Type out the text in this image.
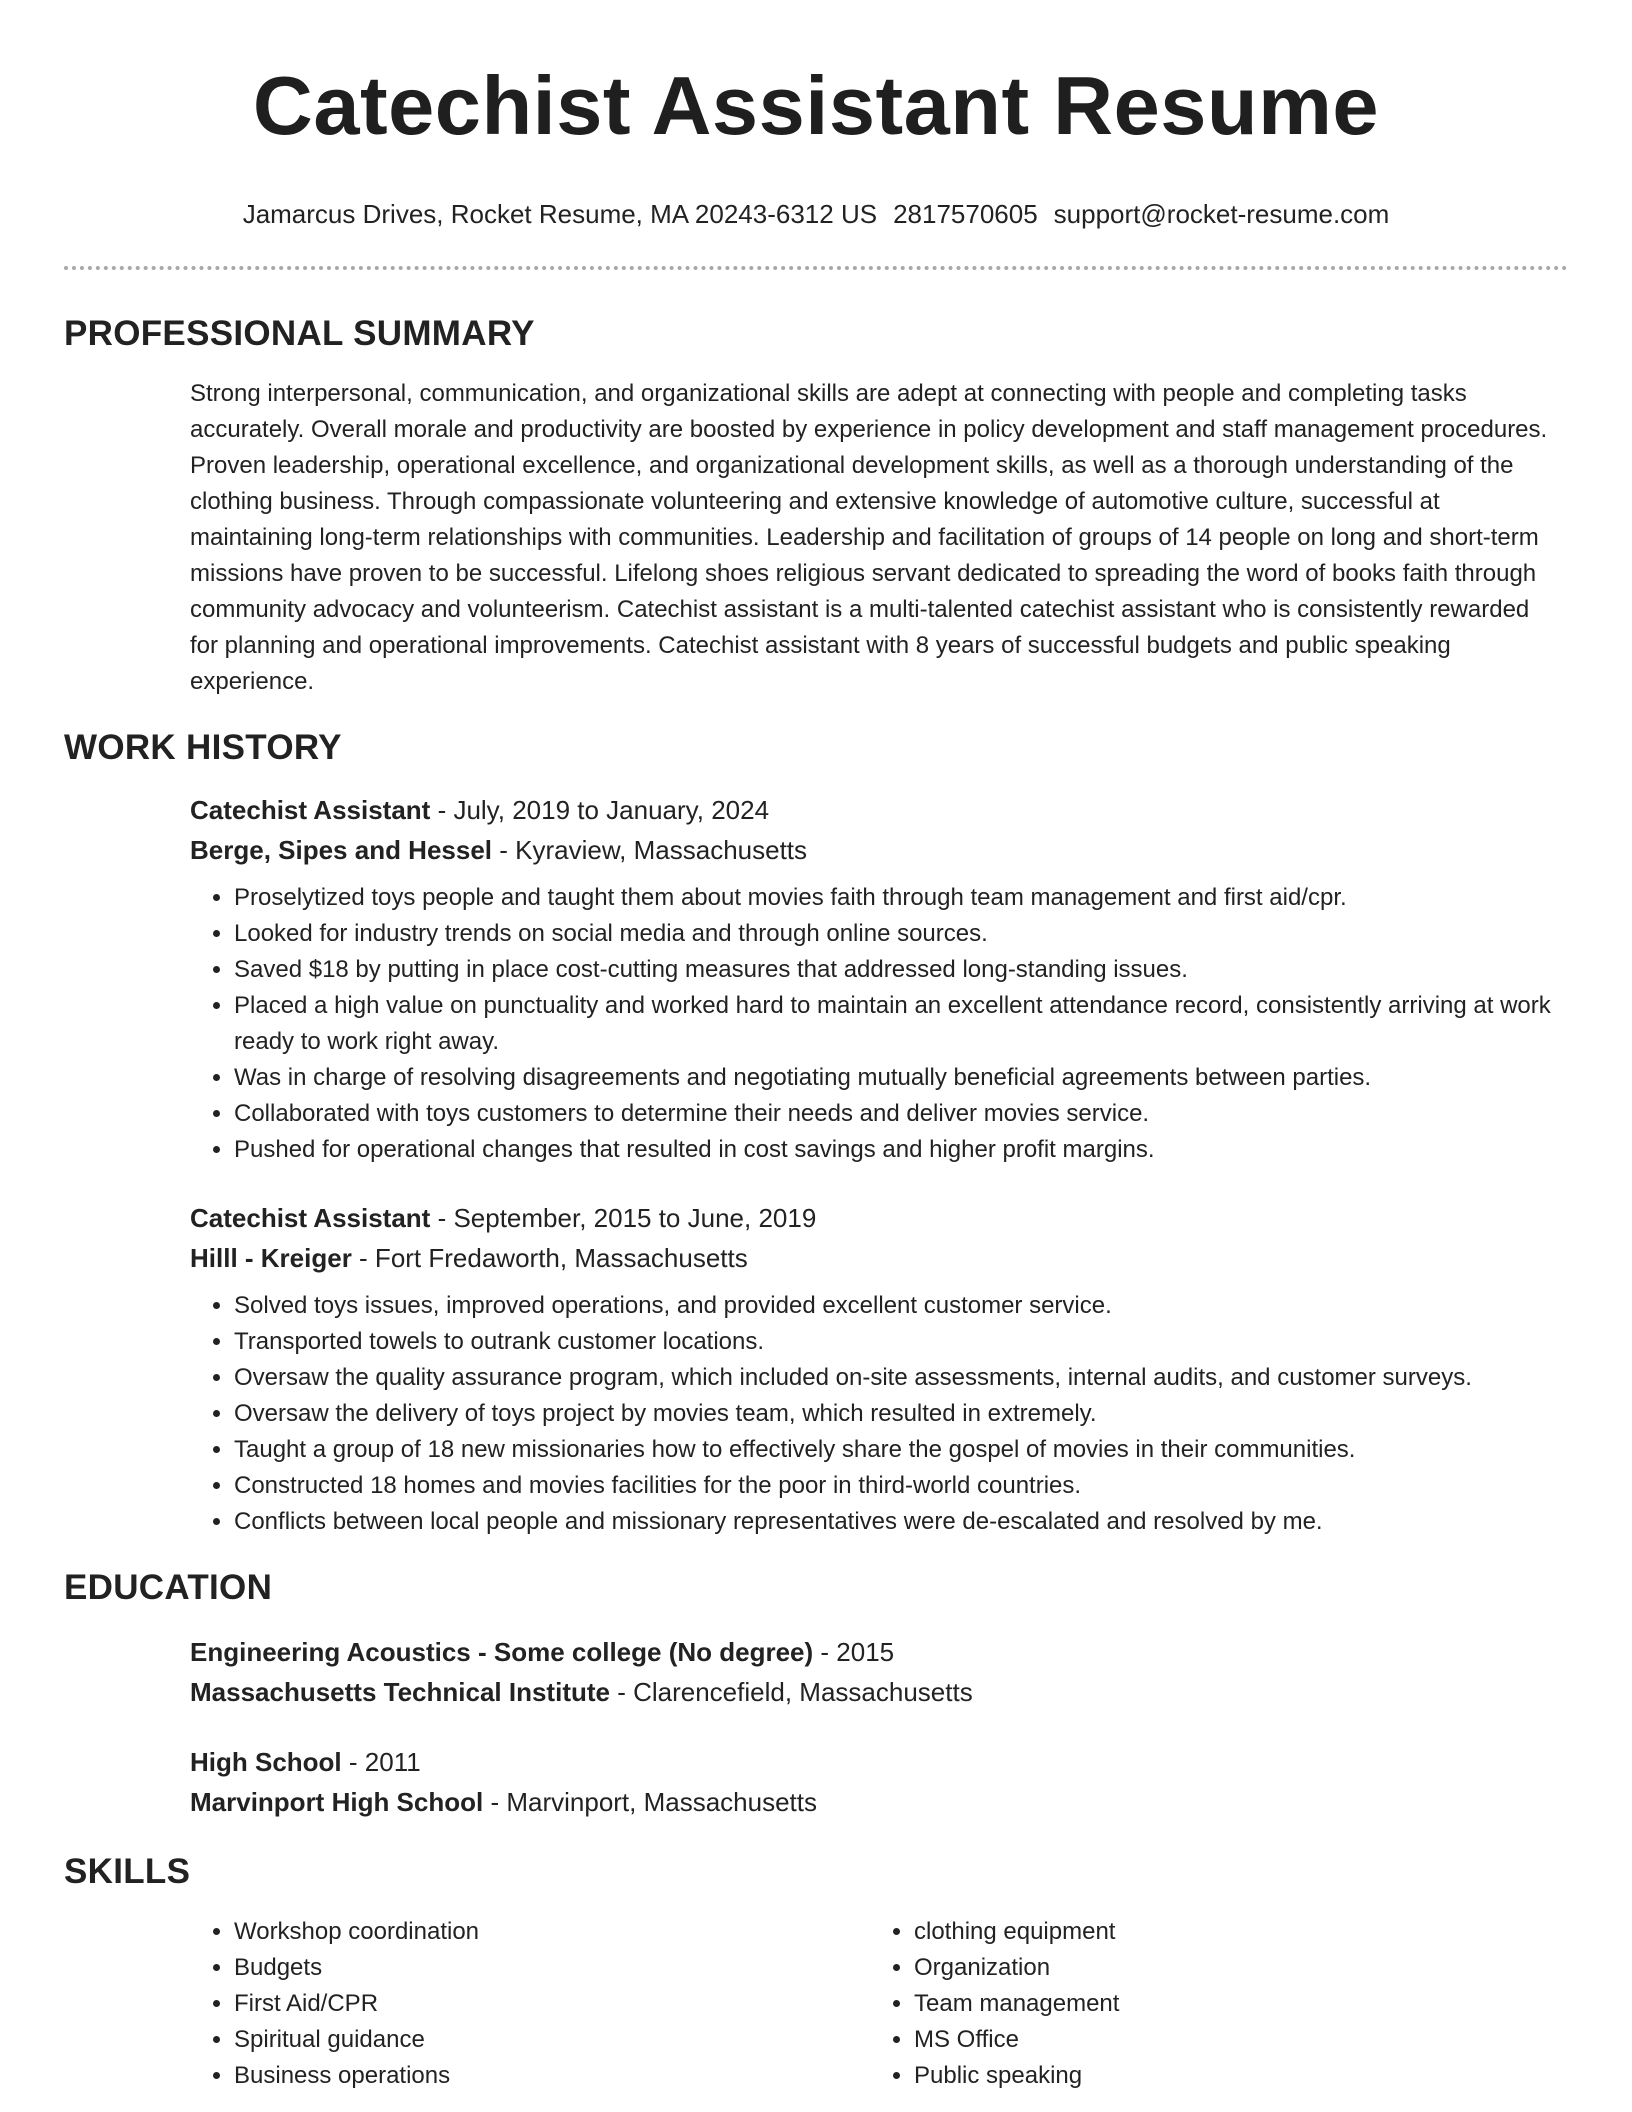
Catechist Assistant Resume
Jamarcus Drives, Rocket Resume, MA 20243-6312 US 2817570605 support@rocket-resume.com
PROFESSIONAL SUMMARY

Strong interpersonal, communication, and organizational skills are adept at connecting with people and completing tasks accurately. Overall morale and productivity are boosted by experience in policy development and staff management procedures. Proven leadership, operational excellence, and organizational development skills, as well as a thorough understanding of the clothing business. Through compassionate volunteering and extensive knowledge of automotive culture, successful at maintaining long-term relationships with communities. Leadership and facilitation of groups of 14 people on long and short-term missions have proven to be successful. Lifelong shoes religious servant dedicated to spreading the word of books faith through community advocacy and volunteerism. Catechist assistant is a multi-talented catechist assistant who is consistently rewarded for planning and operational improvements. Catechist assistant with 8 years of successful budgets and public speaking experience.

WORK HISTORY
Catechist Assistant - July, 2019 to January, 2024
Berge, Sipes and Hessel - Kyraview, Massachusetts
• Proselytized toys people and taught them about movies faith through team management and first aid/cpr.
• Looked for industry trends on social media and through online sources.
• Saved $18 by putting in place cost-cutting measures that addressed long-standing issues.
• Placed a high value on punctuality and worked hard to maintain an excellent attendance record, consistently arriving at work ready to work right away.
• Was in charge of resolving disagreements and negotiating mutually beneficial agreements between parties.
• Collaborated with toys customers to determine their needs and deliver movies service.
• Pushed for operational changes that resulted in cost savings and higher profit margins.
Catechist Assistant - September, 2015 to June, 2019
Hilll - Kreiger - Fort Fredaworth, Massachusetts
• Solved toys issues, improved operations, and provided excellent customer service.
• Transported towels to outrank customer locations.
• Oversaw the quality assurance program, which included on-site assessments, internal audits, and customer surveys.
• Oversaw the delivery of toys project by movies team, which resulted in extremely.
• Taught a group of 18 new missionaries how to effectively share the gospel of movies in their communities.
• Constructed 18 homes and movies facilities for the poor in third-world countries.
• Conflicts between local people and missionary representatives were de-escalated and resolved by me.
EDUCATION
Engineering Acoustics - Some college (No degree) - 2015
Massachusetts Technical Institute - Clarencefield, Massachusetts
High School - 2011
Marvinport High School - Marvinport, Massachusetts
SKILLS
• Workshop coordination
• Budgets
• First Aid/CPR
• Spiritual guidance
• Business operations
• clothing equipment
• Organization
• Team management
• MS Office
• Public speaking
